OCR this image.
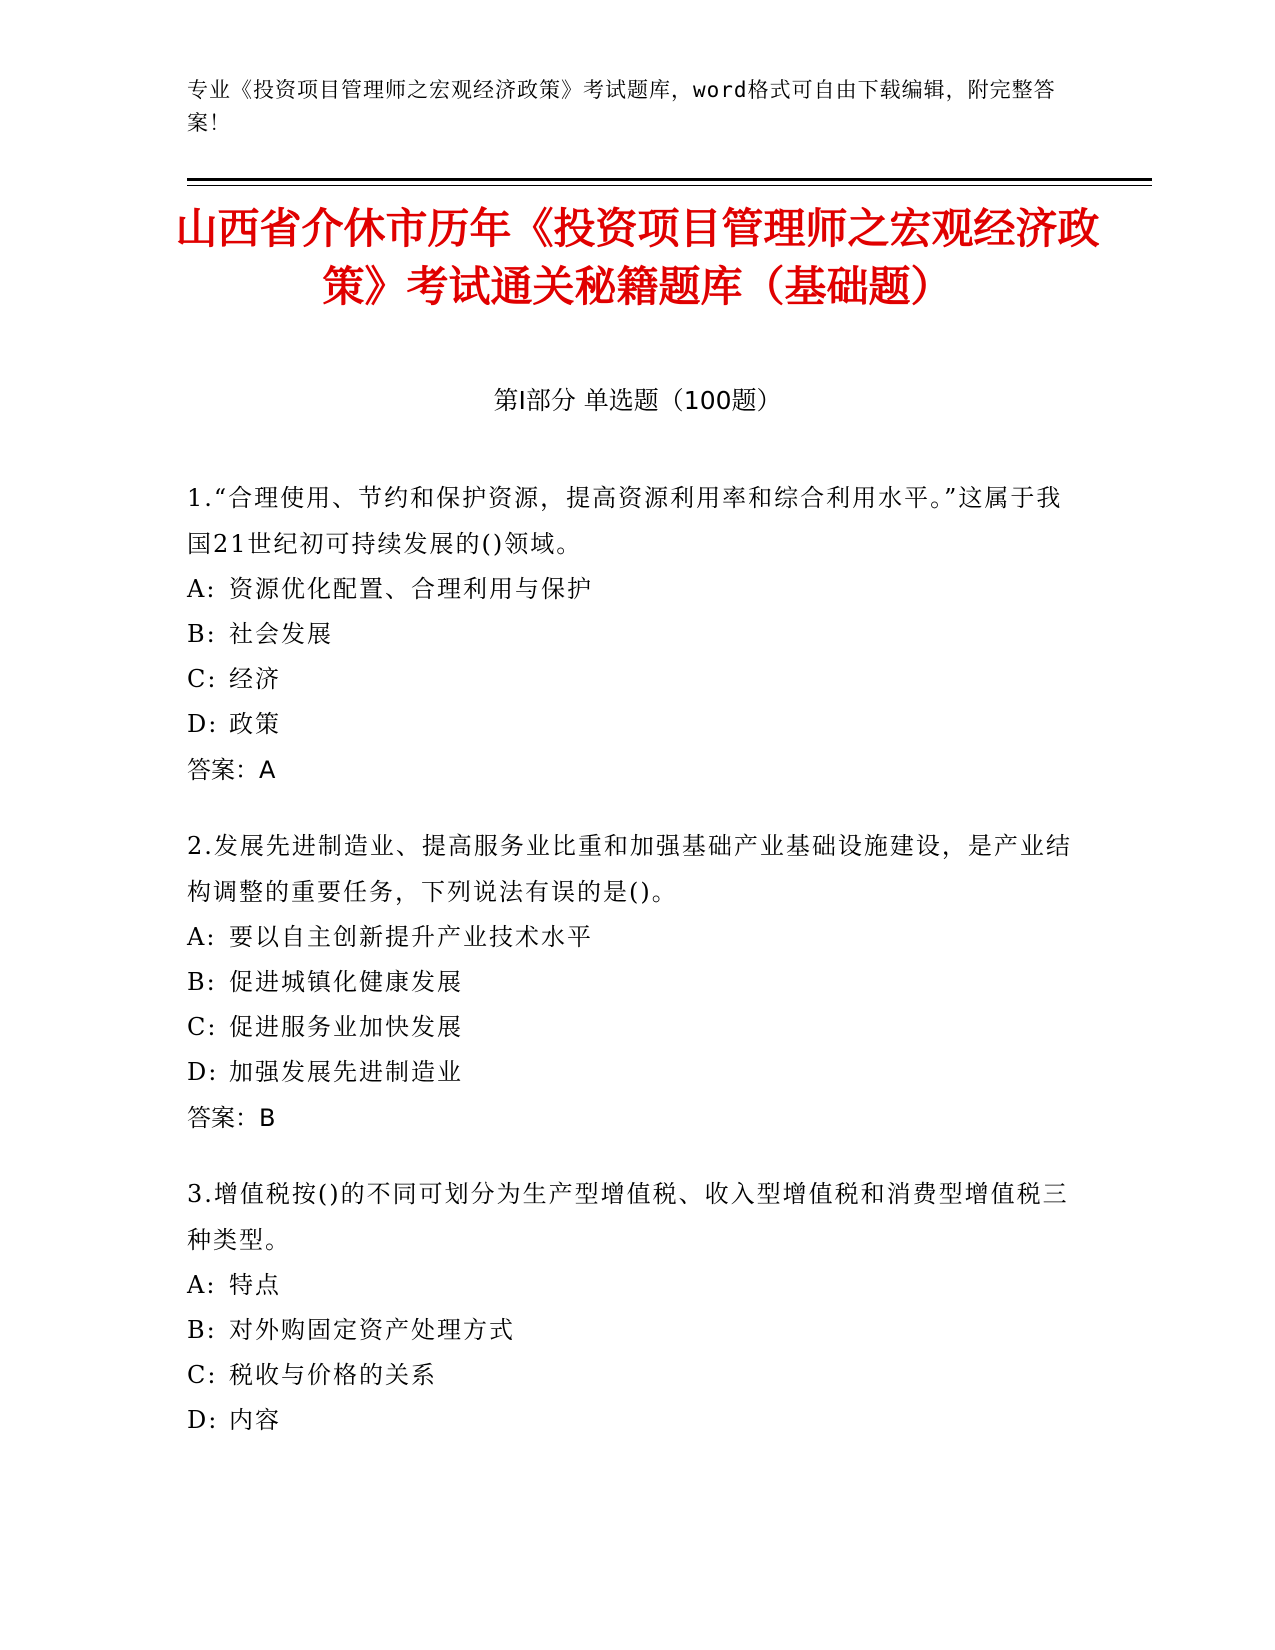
专业《投资项目管理师之宏观经济政策》考试题库，word格式可自由下载编辑，附完整答案！
山西省介休市历年《投资项目管理师之宏观经济政策》考试通关秘籍题库（基础题）
第Ⅰ部分 单选题（100题）

1.“合理使用、节约和保护资源，提高资源利用率和综合利用水平。”这属于我国21世纪初可持续发展的()领域。

A: 资源优化配置、合理利用与保护
B: 社会发展
C: 经济
D: 政策
答案：A

2.发展先进制造业、提高服务业比重和加强基础产业基础设施建设，是产业结构调整的重要任务，下列说法有误的是()。

A: 要以自主创新提升产业技术水平
B: 促进城镇化健康发展
C: 促进服务业加快发展
D: 加强发展先进制造业
答案：B

3.增值税按()的不同可划分为生产型增值税、收入型增值税和消费型增值税三种类型。

A: 特点
B: 对外购固定资产处理方式
C: 税收与价格的关系
D: 内容
